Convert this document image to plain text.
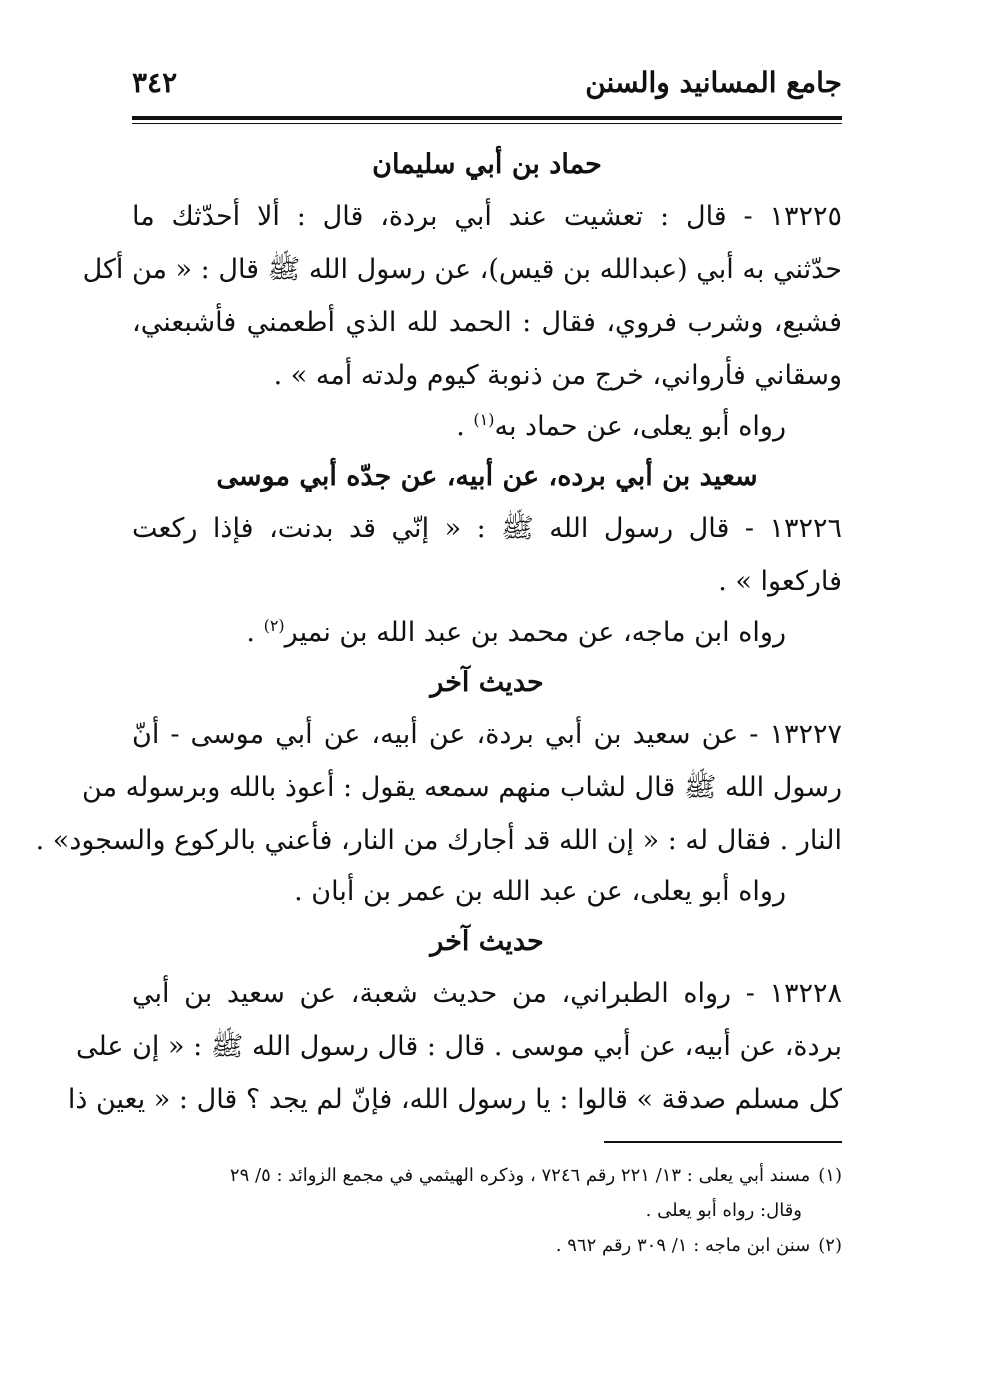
جامع المسانيد والسنن
٣٤٢
حماد بن أبي سليمان
١٣٢٢٥ - قال : تعشيت عند أبي بردة، قال : ألا أحدّثك ما
حدّثني به أبي (عبدالله بن قيس)، عن رسول الله ﷺ قال : « من أكل
فشبع، وشرب فروي، فقال : الحمد لله الذي أطعمني فأشبعني،
وسقاني فأرواني، خرج من ذنوبة كيوم ولدته أمه » .
رواه أبو يعلى، عن حماد به$^{(١)}$ .
سعيد بن أبي برده، عن أبيه، عن جدّه أبي موسى
١٣٢٢٦ - قال رسول الله ﷺ : « إنّي قد بدنت، فإذا ركعت
فاركعوا » .
رواه ابن ماجه، عن محمد بن عبد الله بن نمير$^{(٢)}$ .
حديث آخر
١٣٢٢٧ - عن سعيد بن أبي بردة، عن أبيه، عن أبي موسى - أنّ
رسول الله ﷺ قال لشاب منهم سمعه يقول : أعوذ بالله وبرسوله من
النار . فقال له : « إن الله قد أجارك من النار، فأعني بالركوع والسجود» .
رواه أبو يعلى، عن عبد الله بن عمر بن أبان .
حديث آخر
١٣٢٢٨ - رواه الطبراني، من حديث شعبة، عن سعيد بن أبي
بردة، عن أبيه، عن أبي موسى . قال : قال رسول الله ﷺ : « إن على
كل مسلم صدقة » قالوا : يا رسول الله، فإنّ لم يجد ؟ قال : « يعين ذا
(١)مسند أبي يعلى : ١٣/ ٢٢١ رقم ٧٢٤٦ ، وذكره الهيثمي في مجمع الزوائد : ٥/ ٢٩
وقال: رواه أبو يعلى .
(٢)سنن ابن ماجه : ١/ ٣٠٩ رقم ٩٦٢ .
